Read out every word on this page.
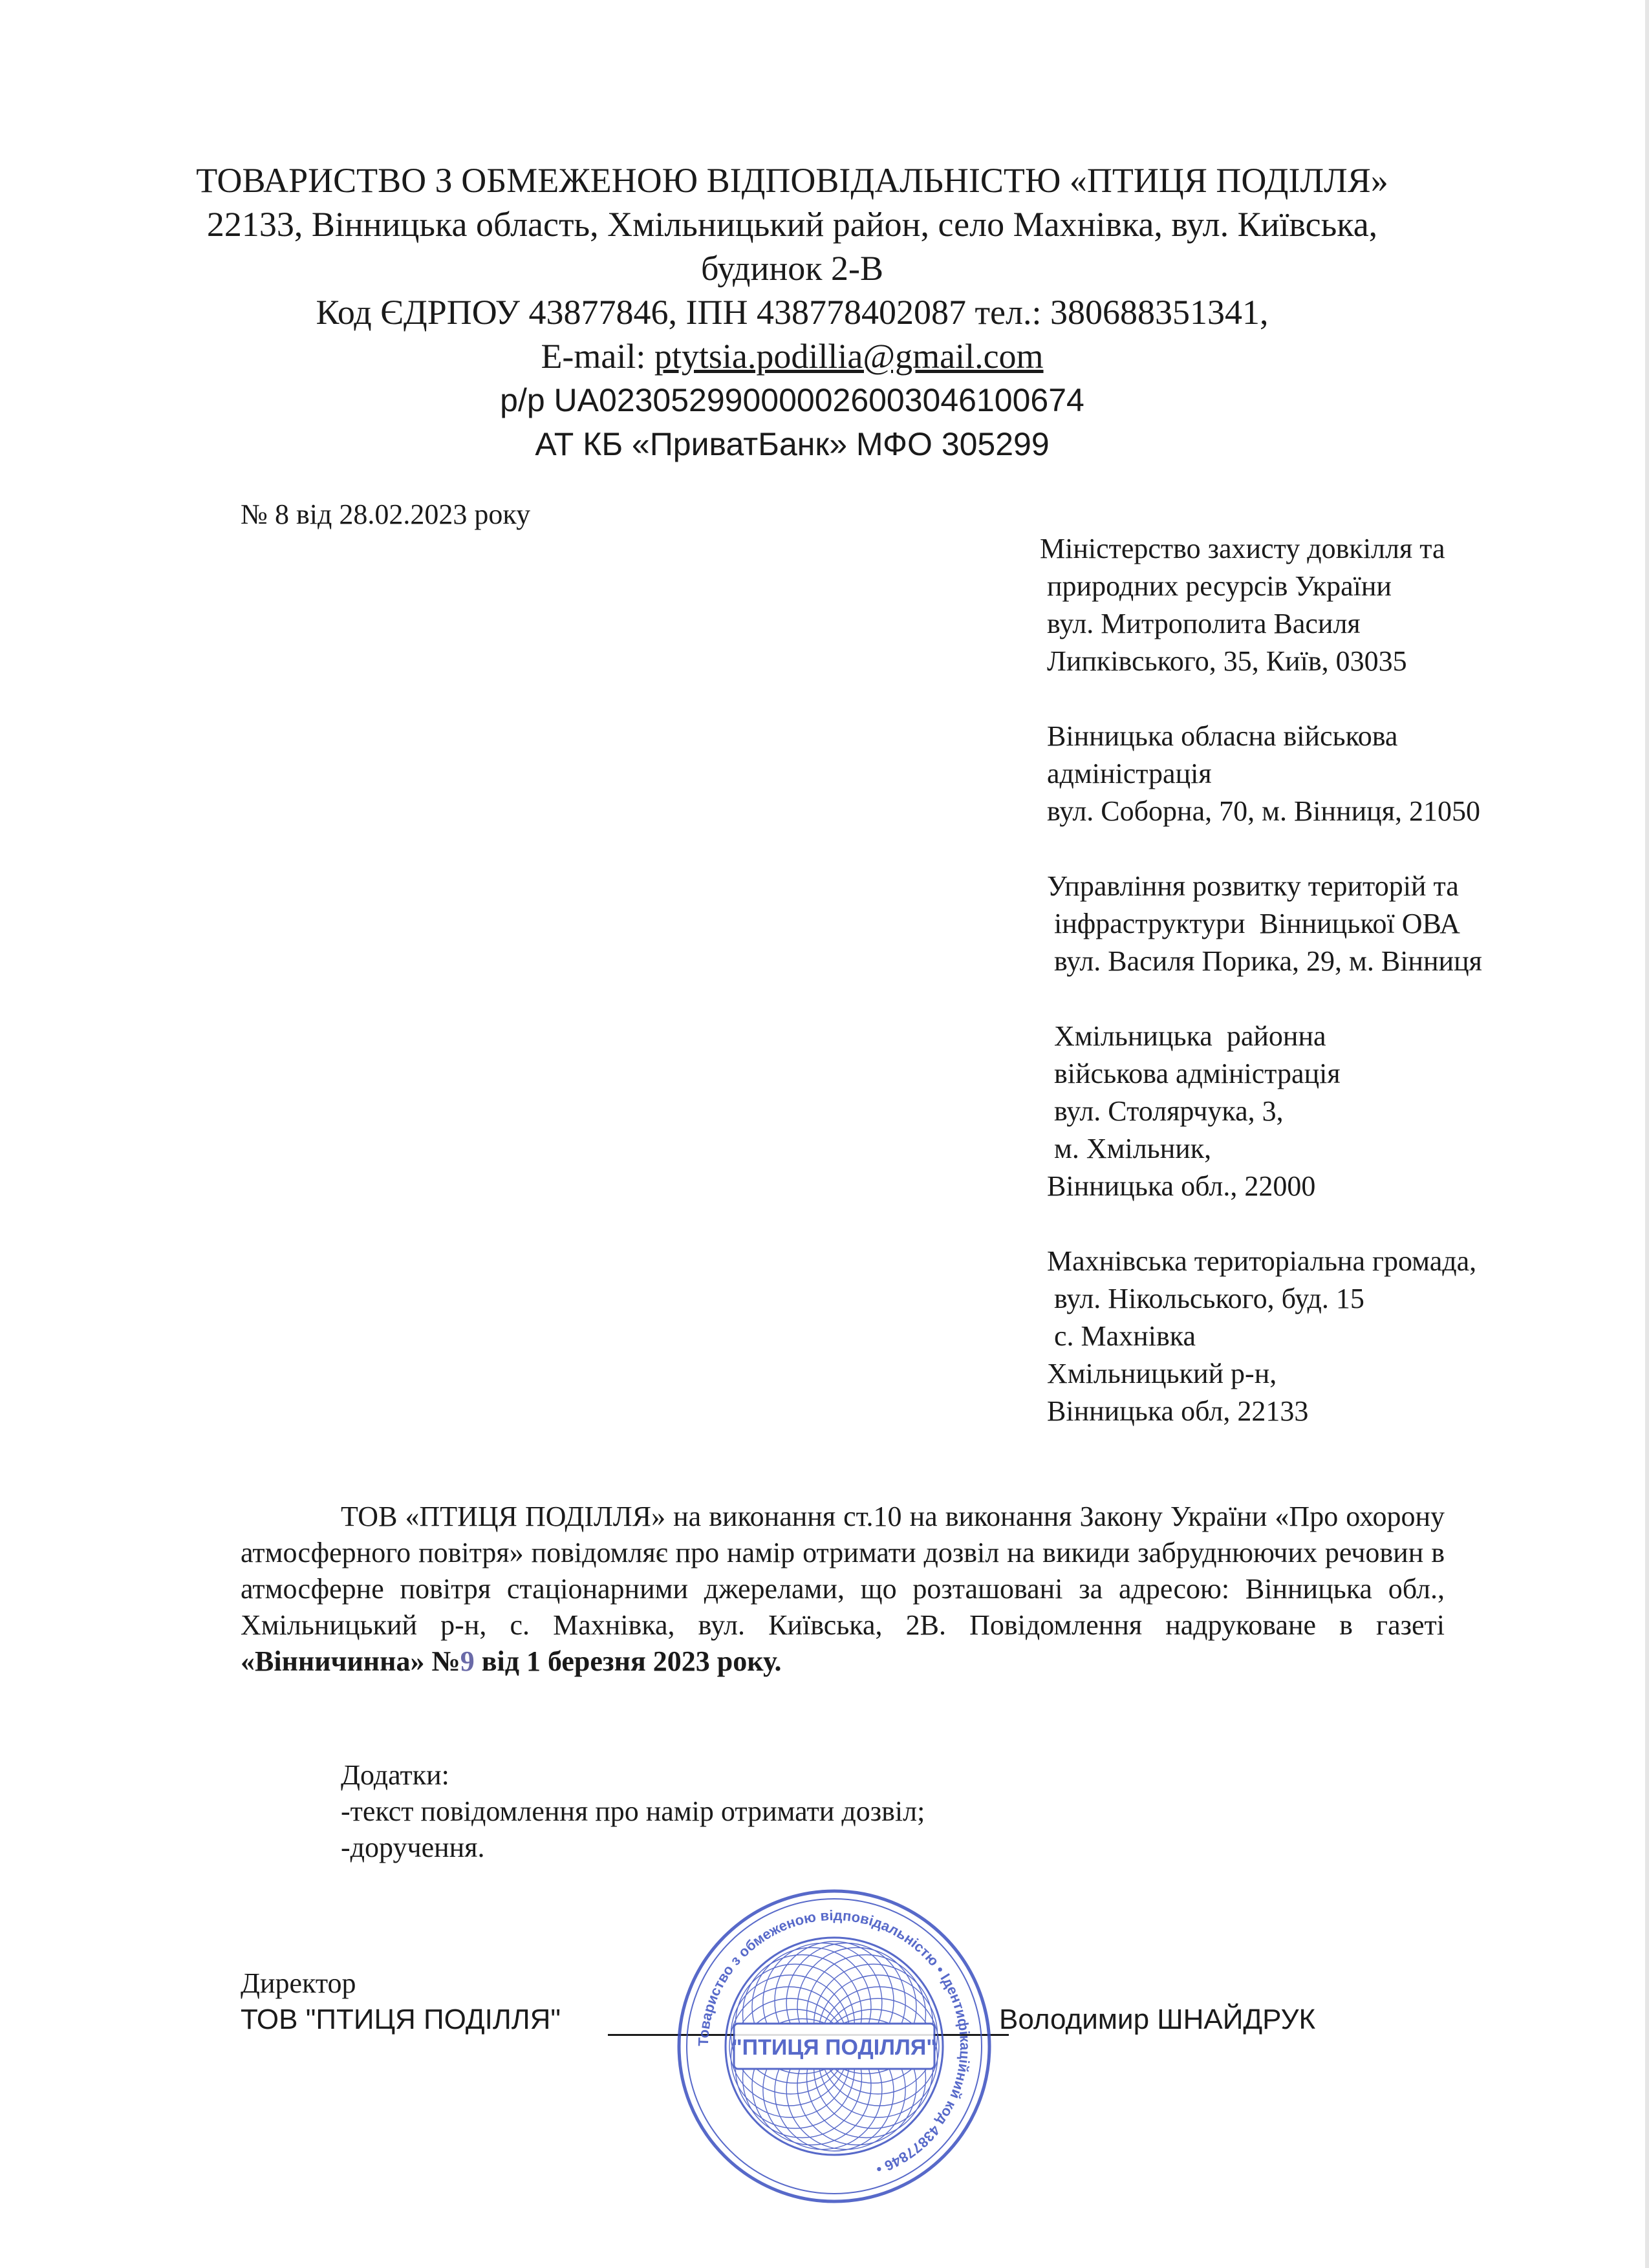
ТОВАРИСТВО З ОБМЕЖЕНОЮ ВІДПОВІДАЛЬНІСТЮ «ПТИЦЯ ПОДІЛЛЯ»
22133, Вінницька область, Хмільницький район, село Махнівка, вул. Київська,
будинок 2-В
Код ЄДРПОУ 43877846, ІПН 438778402087 тел.: 380688351341,
E-mail: ptytsia.podillia@gmail.com
р/р UA023052990000026003046100674
АТ КБ «ПриватБанк» МФО 305299
№ 8 від 28.02.2023 року
Міністерство захисту довкілля та
природних ресурсів України
вул. Митрополита Василя
Липківського, 35, Київ, 03035
Вінницька обласна військова
адміністрація
вул. Соборна, 70, м. Вінниця, 21050
Управління розвитку територій та
інфраструктури  Вінницької ОВА
вул. Василя Порика, 29, м. Вінниця
Хмільницька  районна
військова адміністрація
вул. Столярчука, 3,
м. Хмільник,
Вінницька обл., 22000
Махнівська територіальна громада,
вул. Нікольського, буд. 15
с. Махнівка
Хмільницький р-н,
Вінницька обл, 22133

ТОВ «ПТИЦЯ ПОДІЛЛЯ» на виконання ст.10 на виконання Закону України «Про охорону атмосферного повітря» повідомляє про намір отримати дозвіл на викиди забруднюючих речовин в атмосферне повітря стаціонарними джерелами, що розташовані за адресою: Вінницька обл., Хмільницький р-н, с. Махнівка, вул. Київська, 2В. Повідомлення надруковане в газеті «Вінничинна» №9 від 1 березня 2023 року.

Додатки:
-текст повідомлення про намір отримати дозвіл;
-доручення.
Директор
ТОВ "ПТИЦЯ ПОДІЛЛЯ"	Володимир ШНАЙДРУК
"ПТИЦЯ ПОДІЛЛЯ"
Товариство з обмеженою відповідальністю • Ідентифікаційний код 43877846 •
